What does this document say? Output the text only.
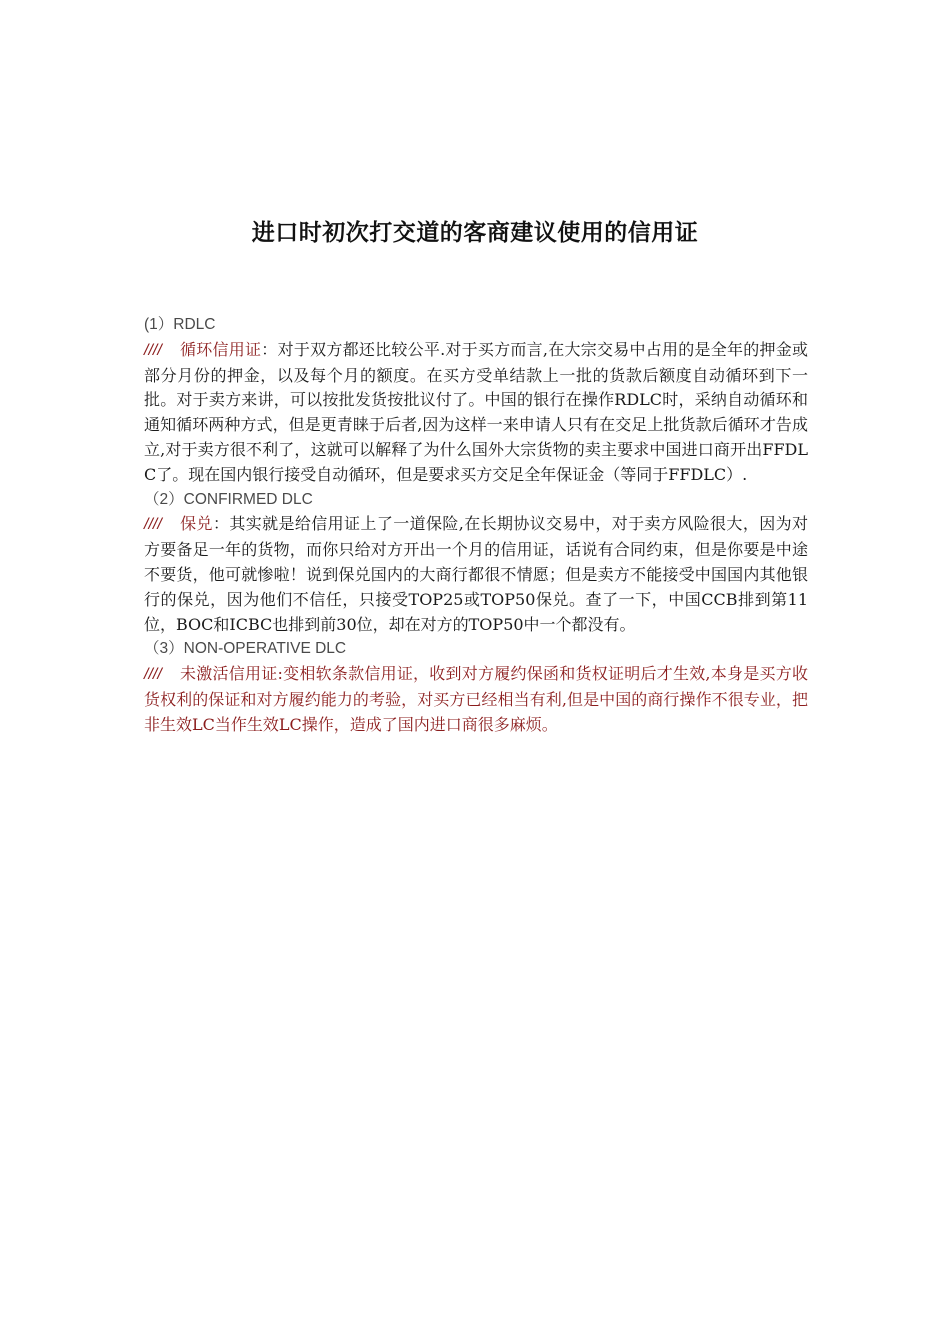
进口时初次打交道的客商建议使用的信用证
(1）RDLC

//// 循环信用证：对于双方都还比较公平.对于买方而言,在大宗交易中占用的是全年的押金或部分月份的押金，以及每个月的额度。在买方受单结款上一批的货款后额度自动循环到下一批。对于卖方来讲，可以按批发货按批议付了。中国的银行在操作RDLC时，采纳自动循环和通知循环两种方式，但是更青睐于后者,因为这样一来申请人只有在交足上批货款后循环才告成立,对于卖方很不利了，这就可以解释了为什么国外大宗货物的卖主要求中国进口商开出FFDLC了。现在国内银行接受自动循环，但是要求买方交足全年保证金（等同于FFDLC）.

（2）CONFIRMED DLC

//// 保兑：其实就是给信用证上了一道保险,在长期协议交易中，对于卖方风险很大，因为对方要备足一年的货物，而你只给对方开出一个月的信用证，话说有合同约束，但是你要是中途不要货，他可就惨啦！说到保兑国内的大商行都很不情愿；但是卖方不能接受中国国内其他银行的保兑，因为他们不信任，只接受TOP25或TOP50保兑。查了一下，中国CCB排到第11位，BOC和ICBC也排到前30位，却在对方的TOP50中一个都没有。

（3）NON-OPERATIVE DLC

//// 未激活信用证:变相软条款信用证，收到对方履约保函和货权证明后才生效,本身是买方收货权利的保证和对方履约能力的考验，对买方已经相当有利,但是中国的商行操作不很专业，把非生效LC当作生效LC操作，造成了国内进口商很多麻烦。
